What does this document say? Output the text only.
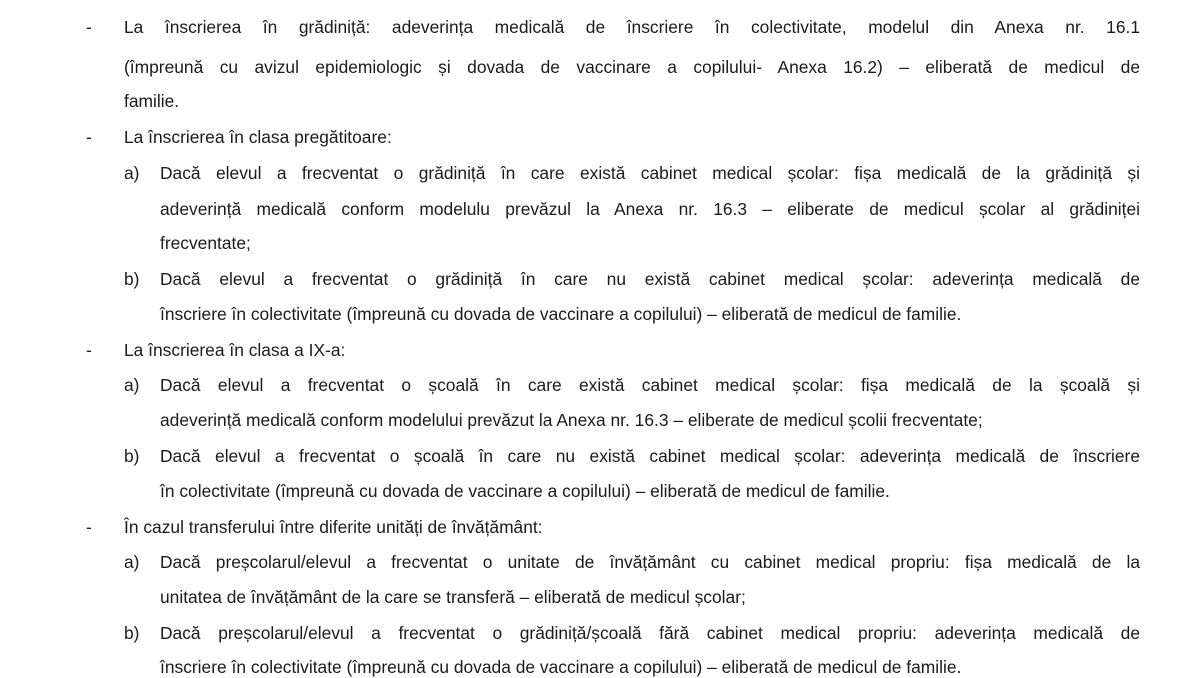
- La înscrierea în grădiniță: adeverința medicală de înscriere în colectivitate, modelul din Anexa nr. 16.1
(împreună cu avizul epidemiologic și dovada de vaccinare a copilului- Anexa 16.2) – eliberată de medicul de
familie.
- La înscrierea în clasa pregătitoare:
a) Dacă elevul a frecventat o grădiniță în care există cabinet medical școlar: fișa medicală de la grădiniță și
adeverință medicală conform modelulu prevăzul la Anexa nr. 16.3 – eliberate de medicul școlar al grădiniței
frecventate;
b) Dacă elevul a frecventat o grădiniță în care nu există cabinet medical școlar: adeverința medicală de
înscriere în colectivitate (împreună cu dovada de vaccinare a copilului) – eliberată de medicul de familie.
- La înscrierea în clasa a IX-a:
a) Dacă elevul a frecventat o școală în care există cabinet medical școlar: fișa medicală de la școală și
adeverință medicală conform modelului prevăzut la Anexa nr. 16.3 – eliberate de medicul școlii frecventate;
b) Dacă elevul a frecventat o școală în care nu există cabinet medical școlar: adeverința medicală de înscriere
în colectivitate (împreună cu dovada de vaccinare a copilului) – eliberată de medicul de familie.
- În cazul transferului între diferite unități de învățământ:
a) Dacă preșcolarul/elevul a frecventat o unitate de învățământ cu cabinet medical propriu: fișa medicală de la
unitatea de învățământ de la care se transferă – eliberată de medicul școlar;
b) Dacă preșcolarul/elevul a frecventat o grădiniță/școală fără cabinet medical propriu: adeverința medicală de
înscriere în colectivitate (împreună cu dovada de vaccinare a copilului) – eliberată de medicul de familie.
